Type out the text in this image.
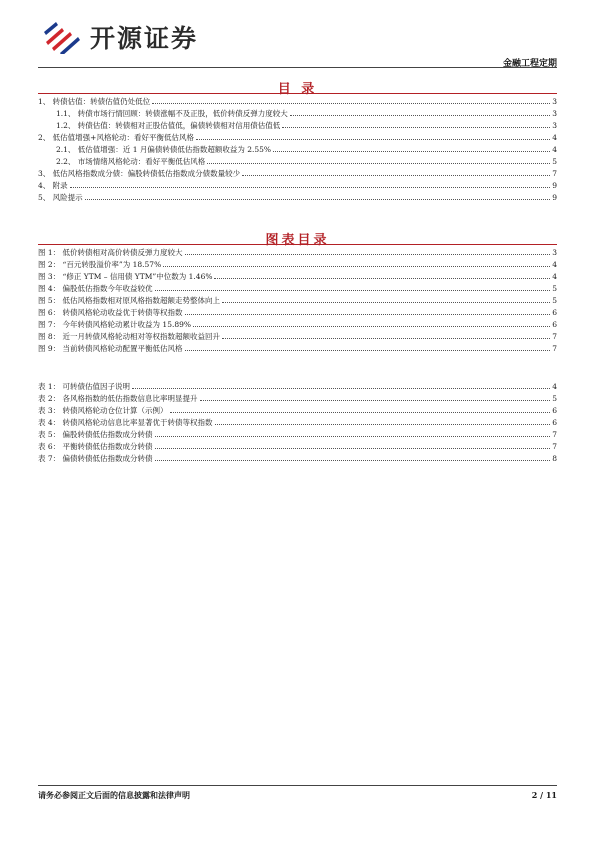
开源证券
金融工程定期
目 录
1、 转债估值：转债估值仍处低位	3
1.1、 转债市场行情回顾：转债涨幅不及正股，低价转债反弹力度较大	3
1.2、 转债估值：转债相对正股估值低，偏债转债相对信用债估值低	3
2、 低估值增强+风格轮动：看好平衡低估风格	4
2.1、 低估值增强：近 1 月偏债转债低估指数超额收益为 2.55%	4
2.2、 市场情绪风格轮动：看好平衡低估风格	5
3、 低估风格指数成分债：偏股转债低估指数成分债数量较少	7
4、 附录	9
5、 风险提示	9
图表目录
图 1： 低价转债相对高价转债反弹力度较大	3
图 2： “百元转股溢价率”为 18.57%	4
图 3： “修正 YTM – 信用债 YTM”中位数为 1.46%	4
图 4： 偏股低估指数今年收益较优	5
图 5： 低估风格指数相对原风格指数超额走势整体向上	5
图 6： 转债风格轮动收益优于转债等权指数	6
图 7： 今年转债风格轮动累计收益为 15.89%	6
图 8： 近一月转债风格轮动相对等权指数超额收益回升	7
图 9： 当前转债风格轮动配置平衡低估风格	7
表 1： 可转债估值因子说明	4
表 2： 各风格指数的低估指数信息比率明显提升	5
表 3： 转债风格轮动仓位计算（示例）	6
表 4： 转债风格轮动信息比率显著优于转债等权指数	6
表 5： 偏股转债低估指数成分转债	7
表 6： 平衡转债低估指数成分转债	7
表 7： 偏债转债低估指数成分转债	8
请务必参阅正文后面的信息披露和法律声明	2 / 11
